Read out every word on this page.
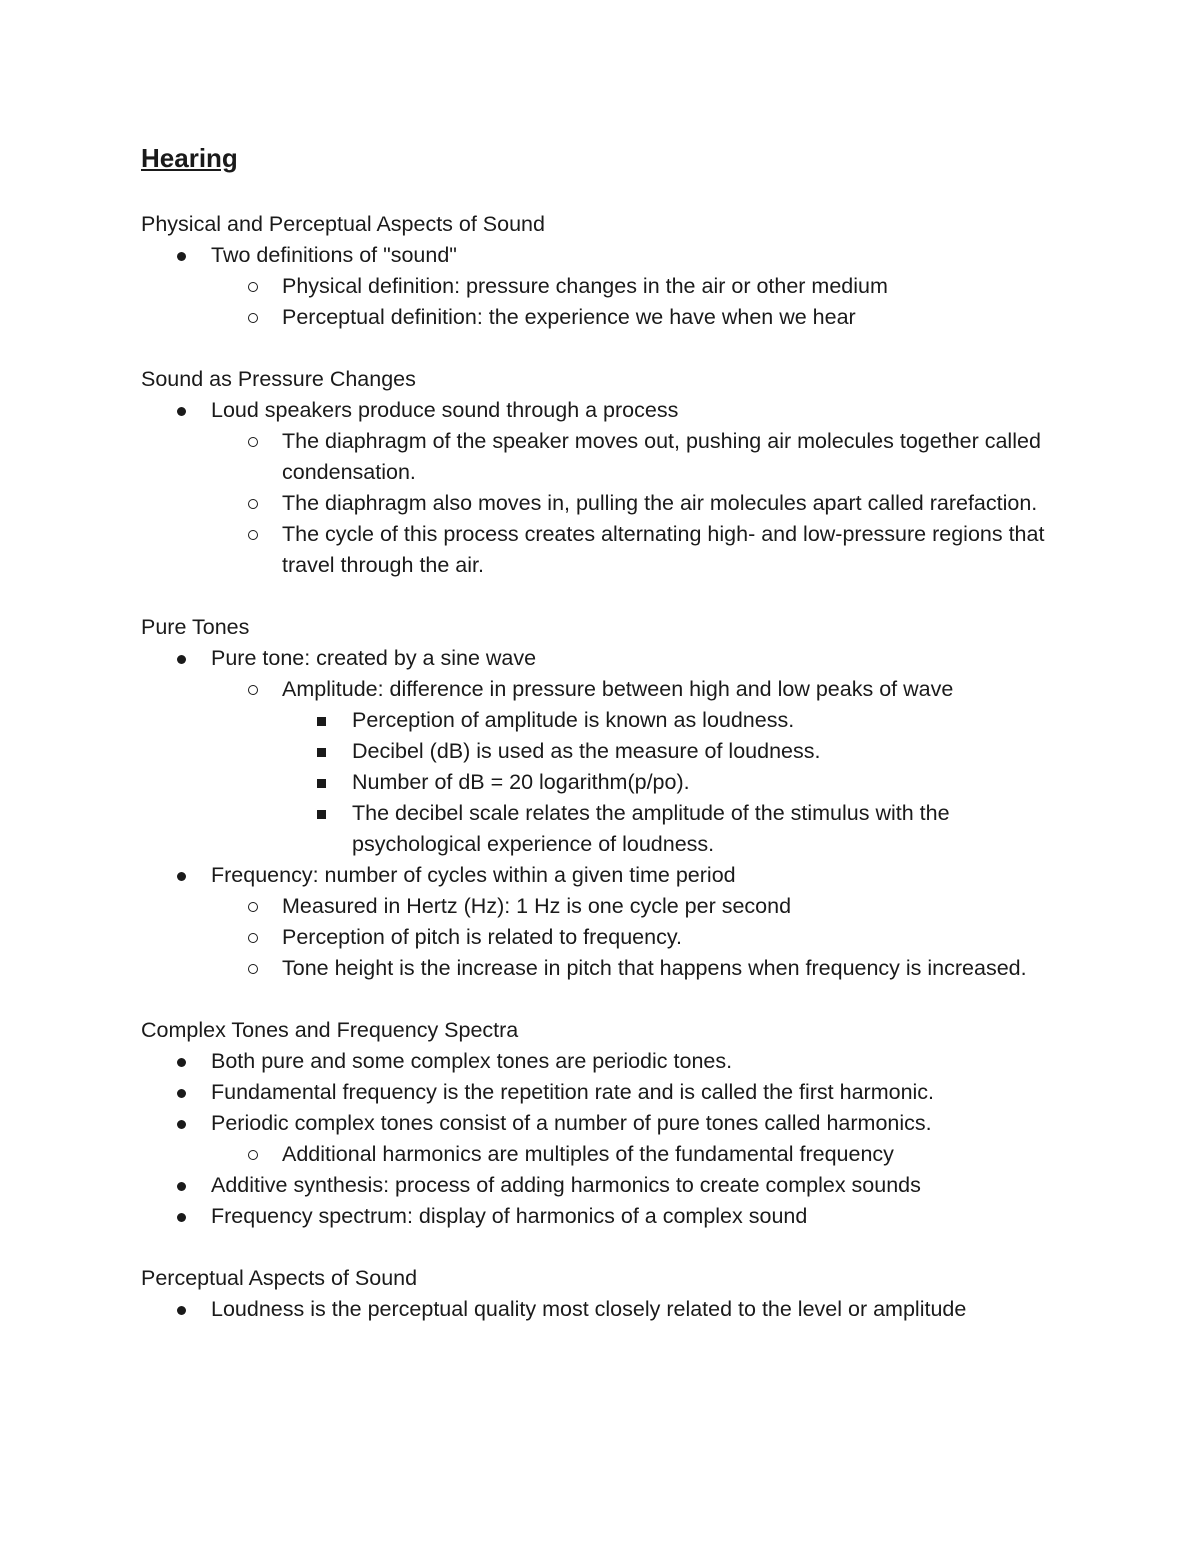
Hearing
Physical and Perceptual Aspects of Sound
Two definitions of "sound"
Physical definition: pressure changes in the air or other medium
Perceptual definition: the experience we have when we hear
Sound as Pressure Changes
Loud speakers produce sound through a process
The diaphragm of the speaker moves out, pushing air molecules together called condensation.
The diaphragm also moves in, pulling the air molecules apart called rarefaction.
The cycle of this process creates alternating high- and low-pressure regions that travel through the air.
Pure Tones
Pure tone: created by a sine wave
Amplitude: difference in pressure between high and low peaks of wave
Perception of amplitude is known as loudness.
Decibel (dB) is used as the measure of loudness.
Number of dB = 20 logarithm(p/po).
The decibel scale relates the amplitude of the stimulus with the psychological experience of loudness.
Frequency: number of cycles within a given time period
Measured in Hertz (Hz): 1 Hz is one cycle per second
Perception of pitch is related to frequency.
Tone height is the increase in pitch that happens when frequency is increased.
Complex Tones and Frequency Spectra
Both pure and some complex tones are periodic tones.
Fundamental frequency is the repetition rate and is called the first harmonic.
Periodic complex tones consist of a number of pure tones called harmonics.
Additional harmonics are multiples of the fundamental frequency
Additive synthesis: process of adding harmonics to create complex sounds
Frequency spectrum: display of harmonics of a complex sound
Perceptual Aspects of Sound
Loudness is the perceptual quality most closely related to the level or amplitude
